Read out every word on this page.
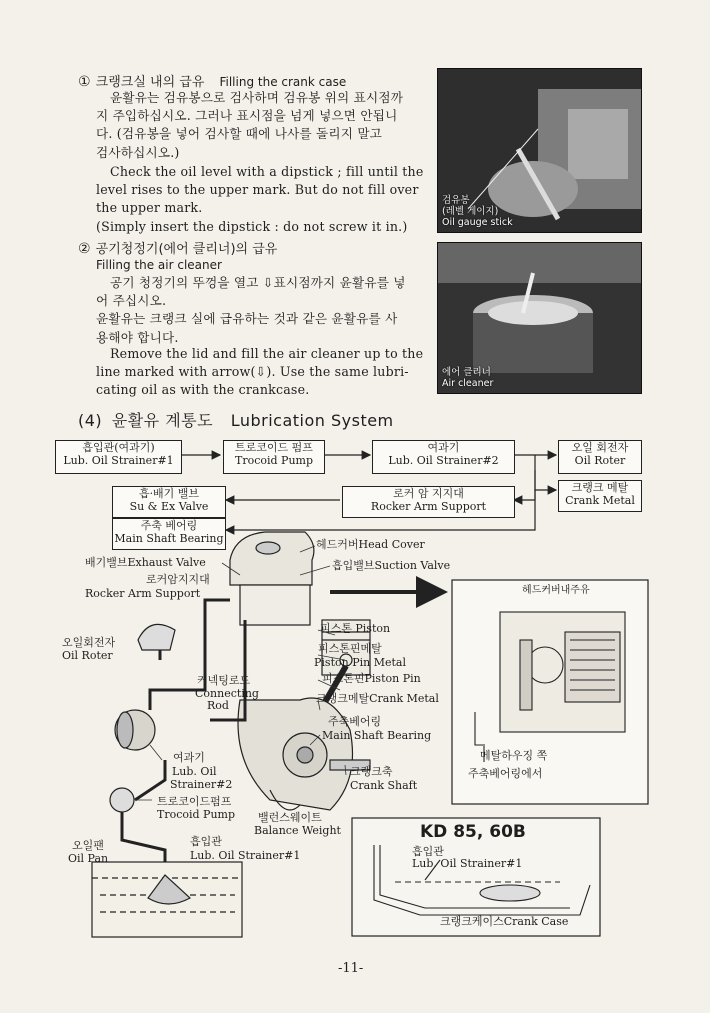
① 크랭크실 내의 급유 Filling the crank case
윤활유는 검유봉으로 검사하며 검유봉 위의 표시점까
지 주입하십시오. 그러나 표시점을 넘게 넣으면 안됩니
다. (검유봉을 넣어 검사할 때에 나사를 돌리지 말고
검사하십시오.)
Check the oil level with a dipstick ; fill until the
level rises to the upper mark. But do not fill over
the upper mark.
(Simply insert the dipstick : do not screw it in.)
② 공기청정기(에어 클리너)의 급유
Filling the air cleaner
공기 청정기의 뚜껑을 열고 ⇩표시점까지 윤활유를 넣
어 주십시오.
윤활유는 크랭크 실에 급유하는 것과 같은 윤활유를 사
용해야 합니다.
Remove the lid and fill the air cleaner up to the
line marked with arrow(⇩). Use the same lubri-
cating oil as with the crankcase.
검유봉
(레벨 게이지)
Oil gauge stick
에어 클리너
Air cleaner
(4) 윤활유 계통도 Lubrication System
흡입관(여과기)
Lub. Oil Strainer#1
트로코이드 펌프
Trocoid Pump
여과기
Lub. Oil Strainer#2
오일 회전자
Oil Roter
흡·배기 밸브
Su & Ex Valve
로커 암 지지대
Rocker Arm Support
크랭크 메탈
Crank Metal
주축 베어링
Main Shaft Bearing	헤드커버Head Cover
흡입밸브Suction Valve
배기밸브Exhaust Valve
로커암지지대
Rocker Arm Support
오일회전자
Oil Roter
피스톤 Piston
피스톤핀메탈
Piston Pin Metal
피스톤핀Piston Pin
크랭크메탈Crank Metal
커넥팅로드
Connecting
Rod
주축베어링
Main Shaft Bearing
여과기
Lub. Oil
Strainer#2
크랭크축
Crank Shaft
트로코이드펌프
Trocoid Pump 밸런스웨이트
Balance Weight
오일팬
Oil Pan
흡입관
Lub. Oil Strainer#1
헤드커버내주유
메탈하우징 쪽
주축베어링에서
KD 85, 60B
흡입관
Lub. Oil Strainer#1
크랭크케이스Crank Case
-11-
